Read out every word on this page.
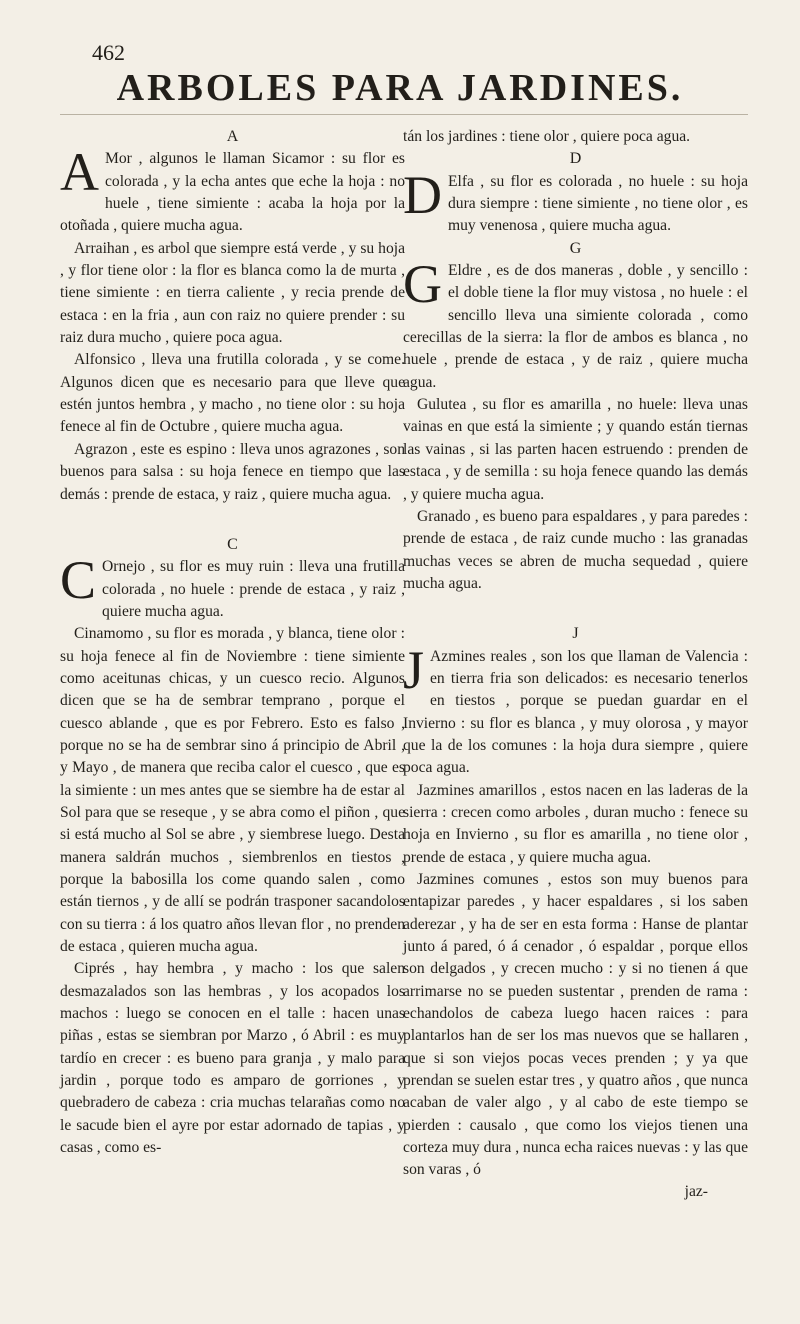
462
ARBOLES PARA JARDINES.
A

A Mor , algunos le llaman Sicamor : su flor es colorada , y la echa antes que eche la hoja : no huele , tiene simiente : acaba la hoja por la otoñada , quiere mucha agua.

Arraihan , es arbol que siempre está verde , y su hoja , y flor tiene olor : la flor es blanca como la de murta , tiene simiente : en tierra caliente , y recia prende de estaca : en la fria , aun con raiz no quiere prender : su raiz dura mucho , quiere poca agua.

Alfonsico , lleva una frutilla colorada , y se come. Algunos dicen que es necesario para que lleve que estén juntos hembra , y macho , no tiene olor : su hoja fenece al fin de Octubre , quiere mucha agua.

Agrazon , este es espino : lleva unos agrazones , son buenos para salsa : su hoja fenece en tiempo que las demás : prende de estaca, y raiz , quiere mucha agua.

C

C Ornejo , su flor es muy ruin : lleva una frutilla colorada , no huele : prende de estaca , y raiz , quiere mucha agua.

Cinamomo , su flor es morada , y blanca, tiene olor : su hoja fenece al fin de Noviembre : tiene simiente como aceitunas chicas, y un cuesco recio. Algunos dicen que se ha de sembrar temprano , porque el cuesco ablande , que es por Febrero. Esto es falso , porque no se ha de sembrar sino á principio de Abril , y Mayo , de manera que reciba calor el cuesco , que es la simiente : un mes antes que se siembre ha de estar al Sol para que se reseque , y se abra como el piñon , que si está mucho al Sol se abre , y siembrese luego. Desta manera saldrán muchos , siembrenlos en tiestos , porque la babosilla los come quando salen , como están tiernos , y de allí se podrán trasponer sacandolos con su tierra : á los quatro años llevan flor , no prenden de estaca , quieren mucha agua.

Ciprés , hay hembra , y macho : los que salen desmazalados son las hembras , y los acopados los machos : luego se conocen en el talle : hacen unas piñas , estas se siembran por Marzo , ó Abril : es muy tardío en crecer : es bueno para granja , y malo para jardin , porque todo es amparo de gorriones , y quebradero de cabeza : cria muchas telarañas como no le sacude bien el ayre por estar adornado de tapias , y casas , como es-

tán los jardines : tiene olor , quiere poca agua.

D

D Elfa , su flor es colorada , no huele : su hoja dura siempre : tiene simiente , no tiene olor , es muy venenosa , quiere mucha agua.

G

G Eldre , es de dos maneras , doble , y sencillo : el doble tiene la flor muy vistosa , no huele : el sencillo lleva una simiente colorada , como cerecillas de la sierra: la flor de ambos es blanca , no huele , prende de estaca , y de raiz , quiere mucha agua.

Gulutea , su flor es amarilla , no huele: lleva unas vainas en que está la simiente ; y quando están tiernas las vainas , si las parten hacen estruendo : prenden de estaca , y de semilla : su hoja fenece quando las demás , y quiere mucha agua.

Granado , es bueno para espaldares , y para paredes : prende de estaca , de raiz cunde mucho : las granadas muchas veces se abren de mucha sequedad , quiere mucha agua.

J

J Azmines reales , son los que llaman de Valencia : en tierra fria son delicados: es necesario tenerlos en tiestos , porque se puedan guardar en el Invierno : su flor es blanca , y muy olorosa , y mayor que la de los comunes : la hoja dura siempre , quiere poca agua.

Jazmines amarillos , estos nacen en las laderas de la sierra : crecen como arboles , duran mucho : fenece su hoja en Invierno , su flor es amarilla , no tiene olor , prende de estaca , y quiere mucha agua.

Jazmines comunes , estos son muy buenos para entapizar paredes , y hacer espaldares , si los saben aderezar , y ha de ser en esta forma : Hanse de plantar junto á pared, ó á cenador , ó espaldar , porque ellos son delgados , y crecen mucho : y si no tienen á que arrimarse no se pueden sustentar , prenden de rama : echandolos de cabeza luego hacen raices : para plantarlos han de ser los mas nuevos que se hallaren , que si son viejos pocas veces prenden ; y ya que prendan se suelen estar tres , y quatro años , que nunca acaban de valer algo , y al cabo de este tiempo se pierden : causalo , que como los viejos tienen una corteza muy dura , nunca echa raices nuevas : y las que son varas , ó

jaz-
